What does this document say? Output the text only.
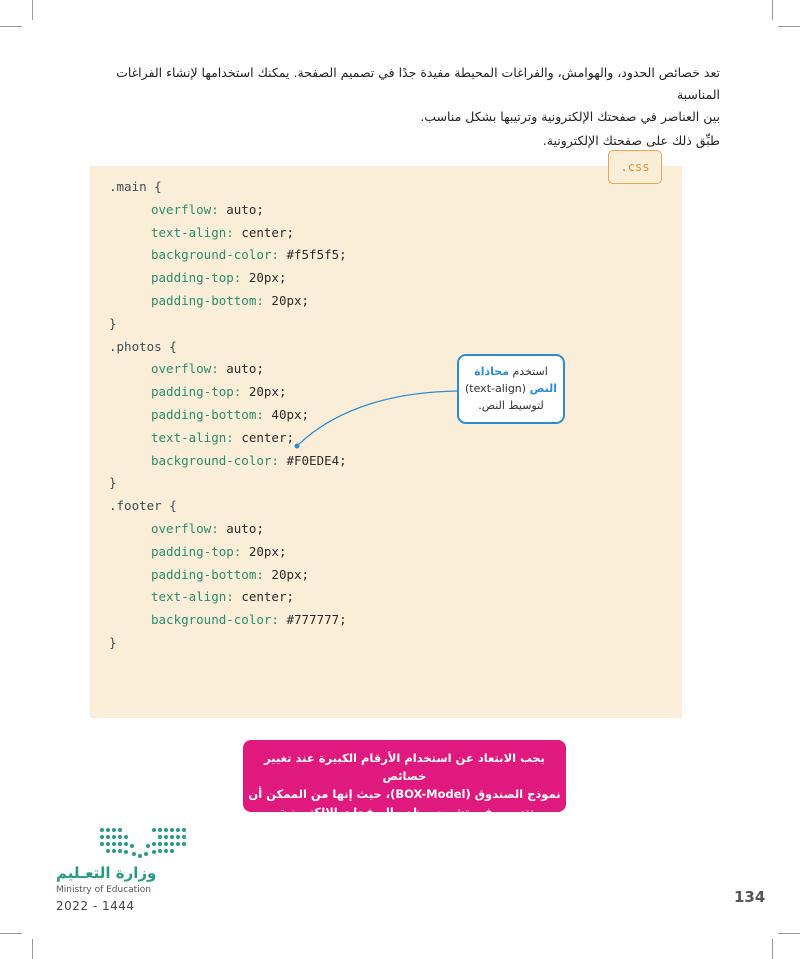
تعد خصائص الحدود، والهوامش، والفراغات المحيطة مفيدة جدًا في تصميم الصفحة. يمكنك استخدامها لإنشاء الفراغات المناسبة

بين العناصر في صفحتك الإلكترونية وترتيبها بشكل مناسب.

طبِّق ذلك على صفحتك الإلكترونية.

.css
.main {
overflow: auto;
text-align: center;
background-color: #f5f5f5;
padding-top: 20px;
padding-bottom: 20px;
}
.photos {
overflow: auto;
padding-top: 20px;
padding-bottom: 40px;
text-align: center;
background-color: #F0EDE4;
}
.footer {
overflow: auto;
padding-top: 20px;
padding-bottom: 20px;
text-align: center;
background-color: #777777;
}
استخدم محاذاة
النص (text-align)
لتوسيط النص.
يجب الابتعاد عن استخدام الأرقام الكبيرة عند تغيير خصائص
نموذج الصندوق (BOX-Model)، حيث إنها من الممكن أن
تتسبب في تشويه مظهر الصفحات الإلكترونية.
وزارة التعـليم
Ministry of Education
2022 - 1444	134
